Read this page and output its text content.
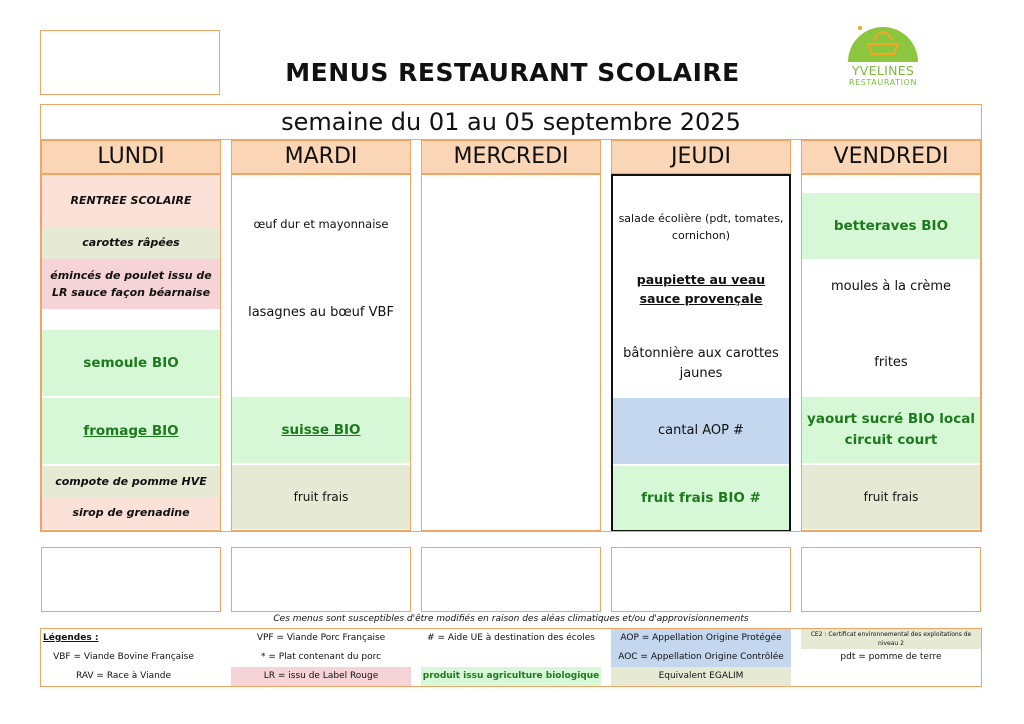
MENUS RESTAURANT SCOLAIRE	YVELINES
RESTAURATION
semaine du 01 au 05 septembre 2025
LUNDI
RENTREE SCOLAIRE
carottes râpées
émincés de poulet issu de LR sauce façon béarnaise
semoule BIO
fromage BIO
compote de pomme HVE
sirop de grenadine
MARDI
œuf dur et mayonnaise
lasagnes au bœuf VBF
suisse BIO
fruit frais
MERCREDI	JEUDI
salade écolière (pdt, tomates, cornichon)
paupiette au veau sauce provençale
bâtonnière aux carottes jaunes
cantal AOP #
fruit frais BIO #
VENDREDI
betteraves BIO
moules à la crème
frites
yaourt sucré BIO local circuit court
fruit frais
Ces menus sont susceptibles d'être modifiés en raison des aléas climatiques et/ou d'approvisionnements
Légendes :
VBF = Viande Bovine Française
RAV = Race à Viande
VPF = Viande Porc Française
* = Plat contenant du porc
LR = issu de Label Rouge
# = Aide UE à destination des écoles
produit issu agriculture biologique
AOP = Appellation Origine Protégée
AOC = Appellation Origine Contrôlée
Equivalent EGALIM
CE2 : Certificat environnemental des exploitations de niveau 2
pdt = pomme de terre
